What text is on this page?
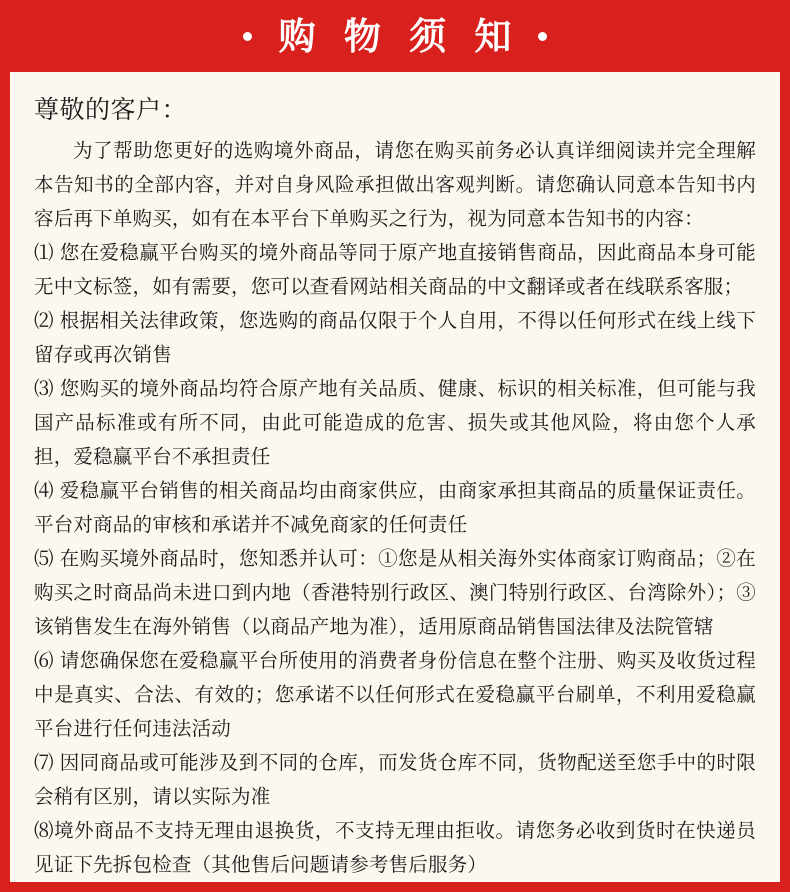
购 物 须 知
尊敬的客户：

为了帮助您更好的选购境外商品，请您在购买前务必认真详细阅读并完全理解本告知书的全部内容，并对自身风险承担做出客观判断。请您确认同意本告知书内容后再下单购买，如有在本平台下单购买之行为，视为同意本告知书的内容：

⑴ 您在爱稳赢平台购买的境外商品等同于原产地直接销售商品，因此商品本身可能无中文标签，如有需要，您可以查看网站相关商品的中文翻译或者在线联系客服；

⑵ 根据相关法律政策，您选购的商品仅限于个人自用，不得以任何形式在线上线下留存或再次销售

⑶ 您购买的境外商品均符合原产地有关品质、健康、标识的相关标准，但可能与我国产品标准或有所不同，由此可能造成的危害、损失或其他风险，将由您个人承担，爱稳赢平台不承担责任

⑷ 爱稳赢平台销售的相关商品均由商家供应，由商家承担其商品的质量保证责任。平台对商品的审核和承诺并不减免商家的任何责任

⑸ 在购买境外商品时，您知悉并认可：①您是从相关海外实体商家订购商品；②在购买之时商品尚未进口到内地（香港特别行政区、澳门特别行政区、台湾除外）；③该销售发生在海外销售（以商品产地为准），适用原商品销售国法律及法院管辖

⑹ 请您确保您在爱稳赢平台所使用的消费者身份信息在整个注册、购买及收货过程中是真实、合法、有效的；您承诺不以任何形式在爱稳赢平台刷单，不利用爱稳赢平台进行任何违法活动

⑺ 因同商品或可能涉及到不同的仓库，而发货仓库不同，货物配送至您手中的时限会稍有区别，请以实际为准

⑻境外商品不支持无理由退换货，不支持无理由拒收。请您务必收到货时在快递员见证下先拆包检查（其他售后问题请参考售后服务）
